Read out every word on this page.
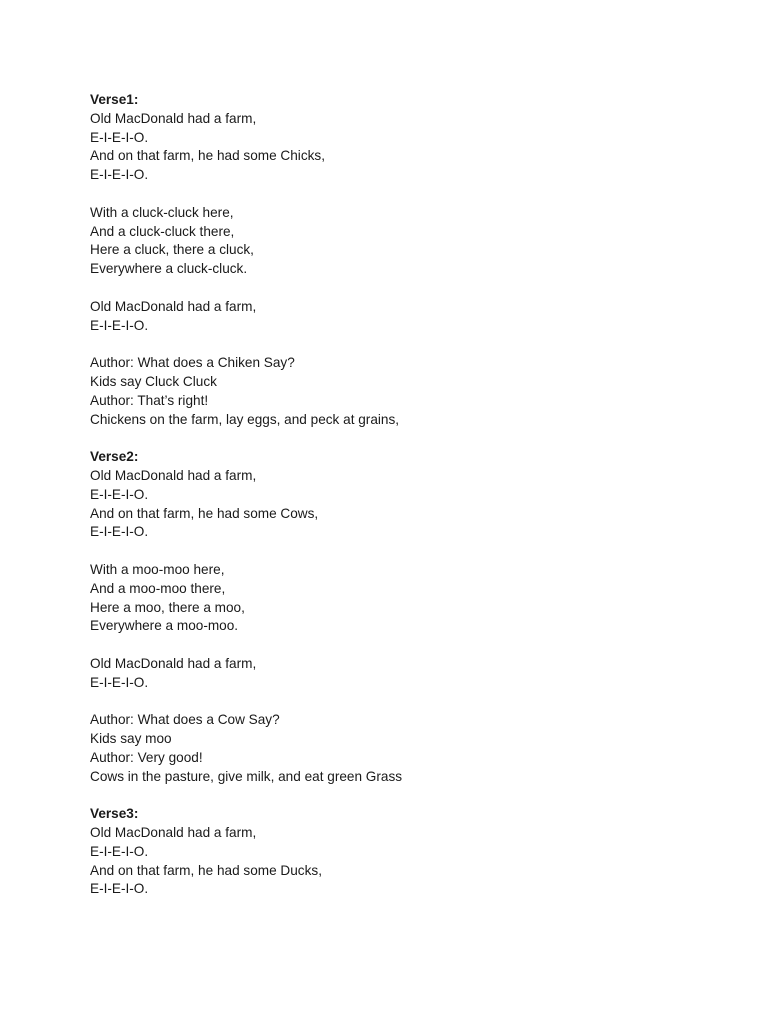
Verse1:
Old MacDonald had a farm,
E-I-E-I-O.
And on that farm, he had some Chicks,
E-I-E-I-O.
With a cluck-cluck here,
And a cluck-cluck there,
Here a cluck, there a cluck,
Everywhere a cluck-cluck.
Old MacDonald had a farm,
E-I-E-I-O.
Author: What does a Chiken Say?
Kids say Cluck Cluck
Author: That’s right!
Chickens on the farm, lay eggs, and peck at grains,
Verse2:
Old MacDonald had a farm,
E-I-E-I-O.
And on that farm, he had some Cows,
E-I-E-I-O.
With a moo-moo here,
And a moo-moo there,
Here a moo, there a moo,
Everywhere a moo-moo.
Old MacDonald had a farm,
E-I-E-I-O.
Author: What does a Cow Say?
Kids say moo
Author: Very good!
Cows in the pasture, give milk, and eat green Grass
Verse3:
Old MacDonald had a farm,
E-I-E-I-O.
And on that farm, he had some Ducks,
E-I-E-I-O.
